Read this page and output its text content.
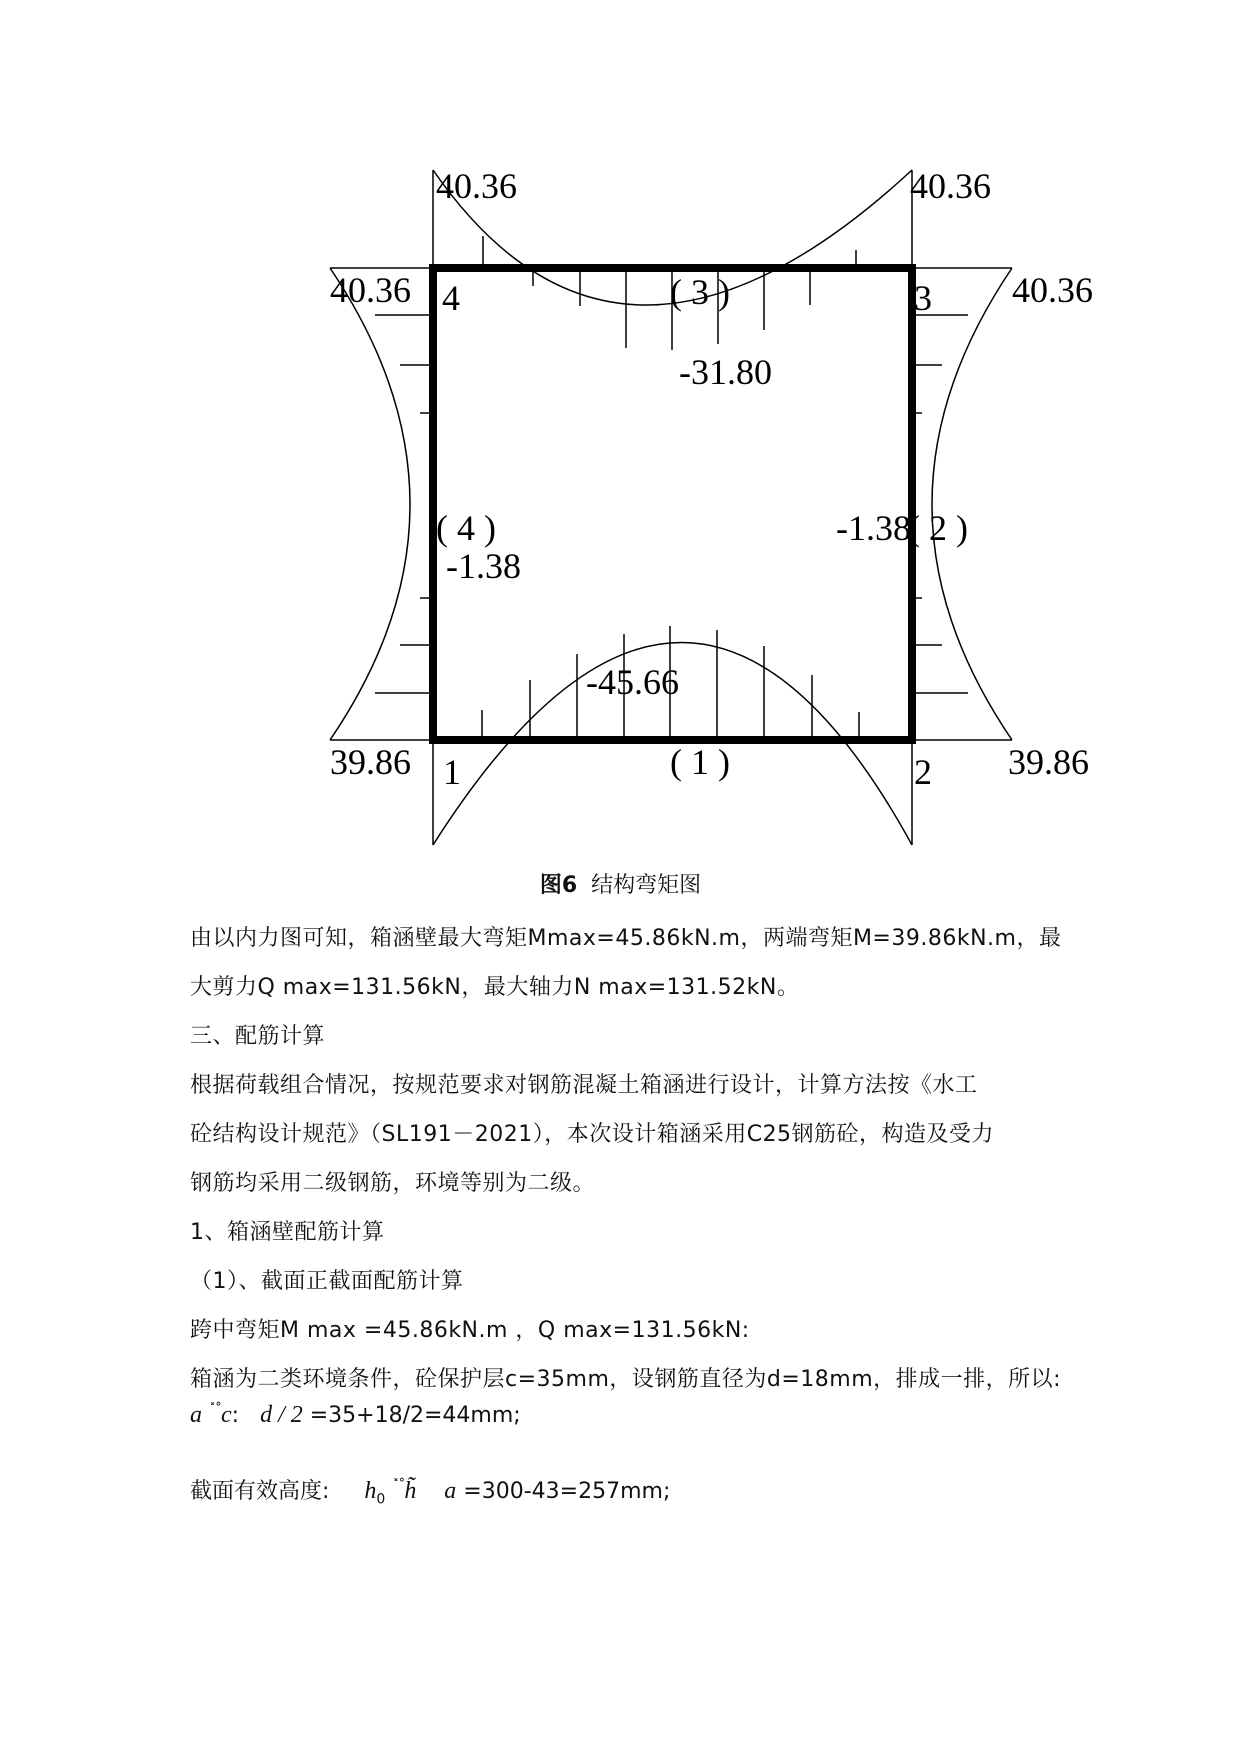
40.36	40.36
40.36	40.36
4	3
( 3 )
-31.80
( 4 )
-1.38
-1.38
( 2 )
-45.66
39.86 1	( 1 )	2 39.86
图6 结构弯矩图
由以内力图可知，箱涵壁最大弯矩Mmax=45.86kN.m，两端弯矩M=39.86kN.m，最
大剪力Q max=131.56kN，最大轴力N max=131.52kN。
三、配筋计算
根据荷载组合情况，按规范要求对钢筋混凝土箱涵进行设计，计算方法按《水工
砼结构设计规范》（SL191－2021），本次设计箱涵采用C25钢筋砼，构造及受力
钢筋均采用二级钢筋，环境等别为二级。
1、箱涵壁配筋计算
（1）、截面正截面配筋计算
跨中弯矩M max =45.86kN.m ，Q max=131.56kN:
箱涵为二类环境条件，砼保护层c=35mm，设钢筋直径为d=18mm，排成一排，所以:
a ˟˚c: d / 2 =35+18/2=44mm;
截面有效高度: $h_0$ ˟˚h̃ a =300-43=257mm;
